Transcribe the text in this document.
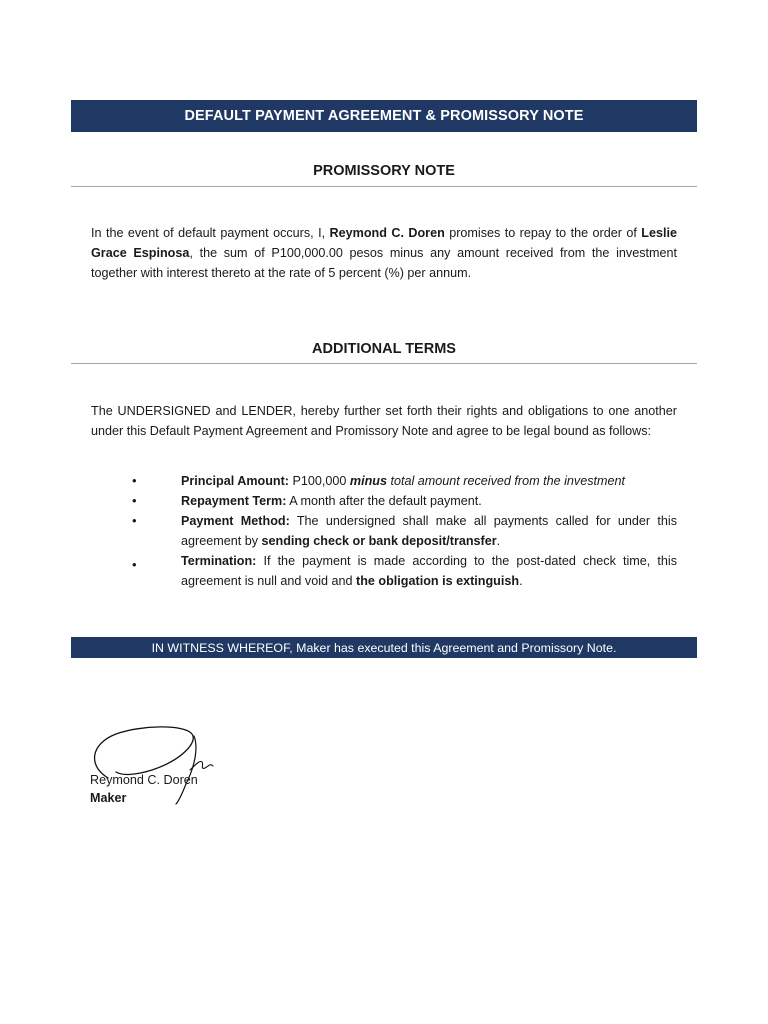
DEFAULT PAYMENT AGREEMENT & PROMISSORY NOTE
PROMISSORY NOTE

In the event of default payment occurs, I, Reymond C. Doren promises to repay to the order of Leslie Grace Espinosa, the sum of P100,000.00 pesos minus any amount received from the investment together with interest thereto at the rate of 5 percent (%) per annum.

ADDITIONAL TERMS

The UNDERSIGNED and LENDER, hereby further set forth their rights and obligations to one another under this Default Payment Agreement and Promissory Note and agree to be legal bound as follows:

•	Principal Amount: P100,000 minus total amount received from the investment
•	Repayment Term: A month after the default payment.
•	Payment Method: The undersigned shall make all payments called for under this agreement by sending check or bank deposit/transfer.
•	Termination: If the payment is made according to the post-dated check time, this agreement is null and void and the obligation is extinguish.
IN WITNESS WHEREOF, Maker has executed this Agreement and Promissory Note.
Reymond C. Doren
Maker
